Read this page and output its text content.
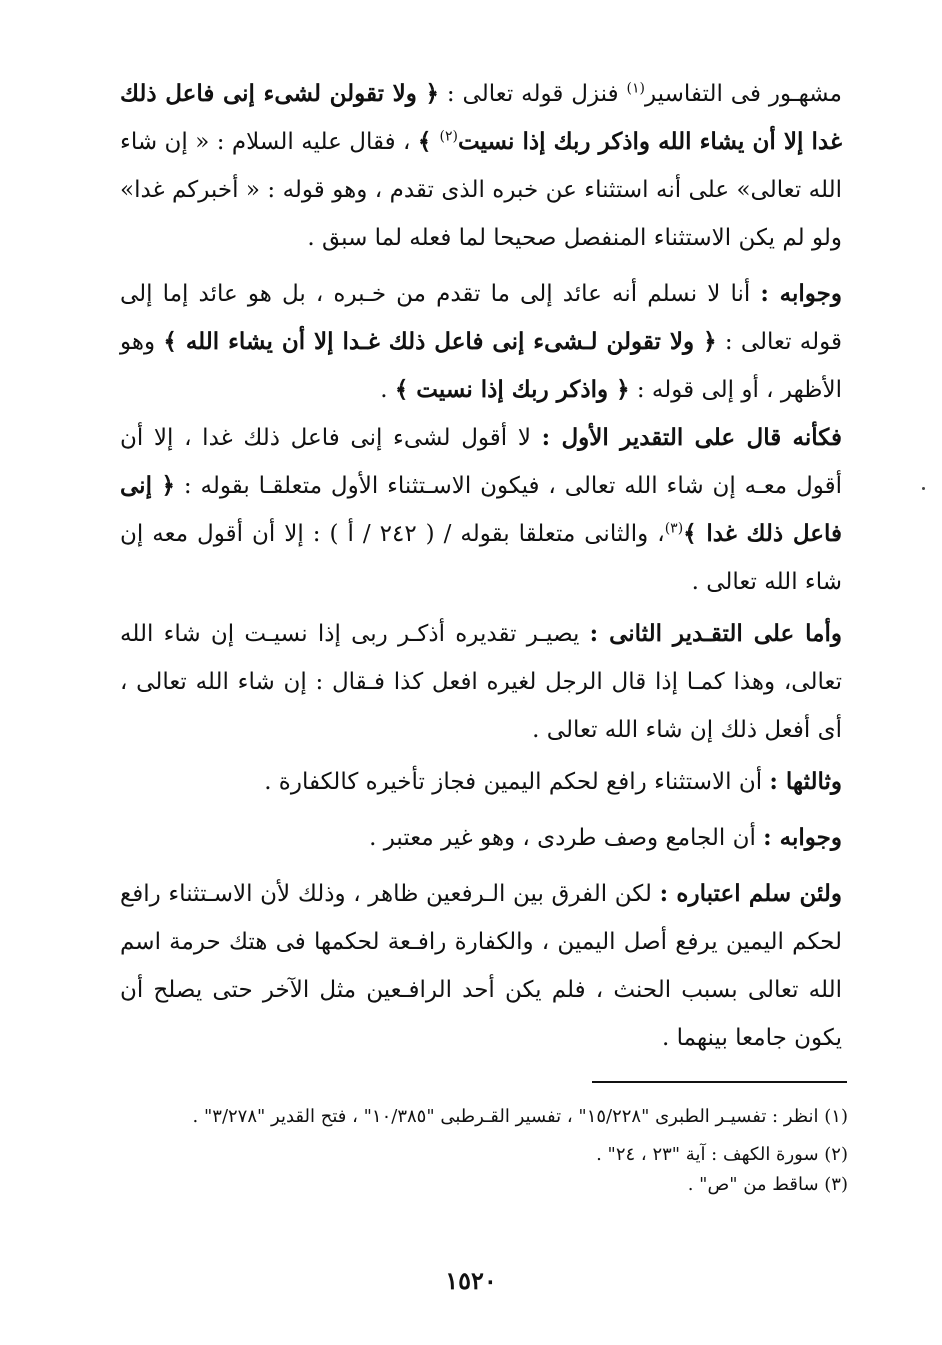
مشهـور فى التفاسير$^{(١)}$ فنزل قوله تعالى : ﴿ ولا تقولن لشىء إنى فاعل ذلك غدا إلا أن يشاء الله واذكر ربك إذا نسيت$^{(٢)}$ ﴾ ، فقال عليه السلام : « إن شاء الله تعالى» على أنه استثناء عن خبره الذى تقدم ، وهو قوله : « أخبركم غدا» ولو لم يكن الاستثناء المنفصل صحيحا لما فعله لما سبق .

وجوابه : أنا لا نسلم أنه عائد إلى ما تقدم من خـبره ، بل هو عائد إما إلى قوله تعالى : ﴿ ولا تقولن لـشىء إنى فاعل ذلك غـدا إلا أن يشاء الله ﴾ وهو الأظهر ، أو إلى قوله : ﴿ واذكر ربك إذا نسيت ﴾ .

فكأنه قال على التقدير الأول : لا أقول لشىء إنى فاعل ذلك غدا ، إلا أن أقول معـه إن شاء الله تعالى ، فيكون الاسـتثناء الأول متعلقـا بقوله : ﴿ إنى فاعل ذلك غدا ﴾$^{(٣)}$، والثانى متعلقا بقوله / ( ٢٤٢ / أ ) : إلا أن أقول معه إن شاء الله تعالى .

وأما على التقـدير الثانى : يصيـر تقديره أذكـر ربى إذا نسيـت إن شاء الله تعالى، وهذا كمـا إذا قال الرجل لغيره افعل كذا فـقال : إن شاء الله تعالى ، أى أفعل ذلك إن شاء الله تعالى .

وثالثها : أن الاستثناء رافع لحكم اليمين فجاز تأخيره كالكفارة .

وجوابه : أن الجامع وصف طردى ، وهو غير معتبر .

ولئن سلم اعتباره : لكن الفرق بين الـرفعين ظاهر ، وذلك لأن الاسـتثناء رافع لحكم اليمين يرفع أصل اليمين ، والكفارة رافـعة لحكمها فى هتك حرمة اسم الله تعالى بسبب الحنث ، فلم يكن أحد الرافـعين مثل الآخر حتى يصلح أن يكون جامعا بينهما .

(١) انظر : تفسيـر الطبرى "١٥/٢٢٨" ، تفسير القـرطبى "١٠/٣٨٥" ، فتح القدير "٣/٢٧٨" .

(٢) سورة الكهف : آية "٢٣ ، ٢٤" .

(٣) ساقط من "ص" .

١٥٢٠
